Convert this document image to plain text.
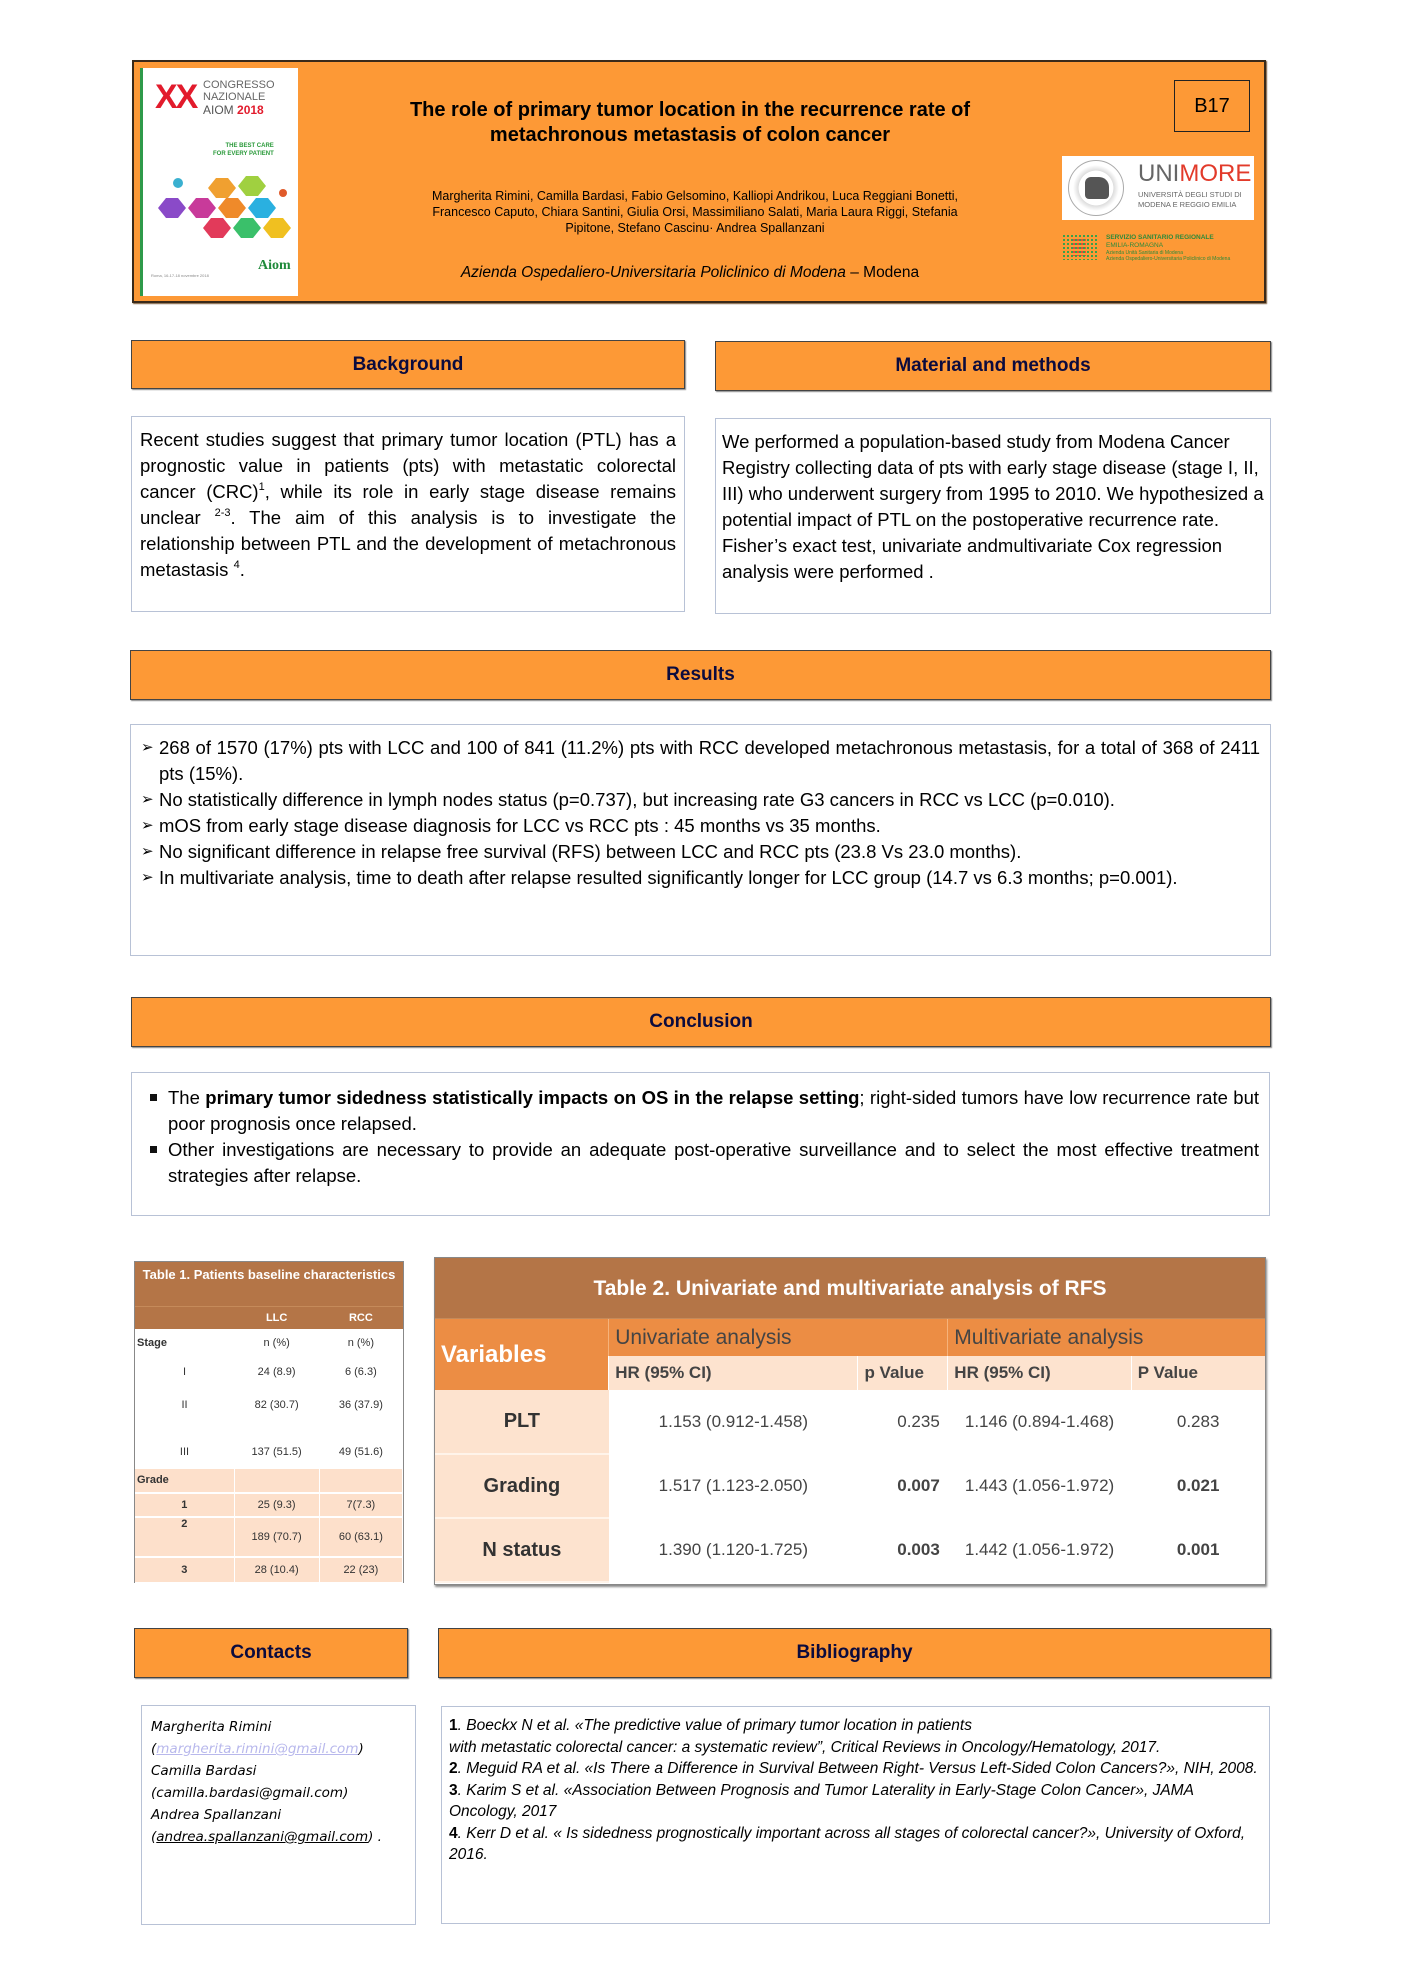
XX CONGRESSO
NAZIONALE
AIOM 2018
THE BEST CARE
FOR EVERY PATIENT
Aiom
Roma, 16-17-18 novembre 2018
The role of primary tumor location in the recurrence rate of
metachronous metastasis of colon cancer
Margherita Rimini, Camilla Bardasi, Fabio Gelsomino, Kalliopi Andrikou, Luca Reggiani Bonetti,
Francesco Caputo, Chiara Santini, Giulia Orsi, Massimiliano Salati, Maria Laura Riggi, Stefania
Pipitone, Stefano Cascinu· Andrea Spallanzani
Azienda Ospedaliero-Universitaria Policlinico di Modena – Modena
B17
UNIMORE
UNIVERSITÀ DEGLI STUDI DI
MODENA E REGGIO EMILIA
SERVIZIO SANITARIO REGIONALE
EMILIA-ROMAGNA
Azienda Unità Sanitaria di Modena
Azienda Ospedaliero-Universitaria Policlinico di Modena
Background
Recent studies suggest that primary tumor location (PTL) has a prognostic value in patients (pts) with metastatic colorectal cancer (CRC)$^1$, while its role in early stage disease remains unclear $^{2-3}$. The aim of this analysis is to investigate the relationship between PTL and the development of metachronous metastasis $^4$.
Material and methods
We performed a population-based study from Modena Cancer Registry collecting data of pts with early stage disease (stage I, II, III) who underwent surgery from 1995 to 2010. We hypothesized a potential impact of PTL on the postoperative recurrence rate. Fisher’s exact test, univariate andmultivariate Cox regression analysis were performed .
Results
➢ 268 of 1570 (17%) pts with LCC and 100 of 841 (11.2%) pts with RCC developed metachronous metastasis, for a total of 368 of 2411 pts (15%).
➢ No statistically difference in lymph nodes status (p=0.737), but increasing rate G3 cancers in RCC vs LCC (p=0.010).
➢ mOS from early stage disease diagnosis for LCC vs RCC pts : 45 months vs 35 months.
➢ No significant difference in relapse free survival (RFS) between LCC and RCC pts (23.8 Vs 23.0 months).
➢ In multivariate analysis, time to death after relapse resulted significantly longer for LCC group (14.7 vs 6.3 months; p=0.001).
Conclusion
The primary tumor sidedness statistically impacts on OS in the relapse setting; right-sided tumors have low recurrence rate but poor prognosis once relapsed.
Other investigations are necessary to provide an adequate post-operative surveillance and to select the most effective treatment strategies after relapse.
Table 1. Patients baseline characteristics
	LLC	RCC
Stage	n (%)	n (%)
I	24 (8.9)	6 (6.3)
II	82 (30.7)	36 (37.9)
III	137 (51.5)	49 (51.6)
Grade		
1	25 (9.3)	7(7.3)
2	189 (70.7)	60 (63.1)
3	28 (10.4)	22 (23)
Table 2. Univariate and multivariate analysis of RFS
Variables	Univariate analysis		Multivariate analysis	
	HR (95% CI)	p Value	HR (95% CI)	P Value
PLT	1.153 (0.912-1.458)	0.235	1.146 (0.894-1.468)	0.283
Grading	1.517 (1.123-2.050)	0.007	1.443 (1.056-1.972)	0.021
N status	1.390 (1.120-1.725)	0.003	1.442 (1.056-1.972)	0.001
Contacts
Margherita Rimini
(margherita.rimini@gmail.com)
Camilla Bardasi
(camilla.bardasi@gmail.com)
Andrea Spallanzani
(andrea.spallanzani@gmail.com) .
Bibliography
1. Boeckx N et al. «The predictive value of primary tumor location in patients
with metastatic colorectal cancer: a systematic review”, Critical Reviews in Oncology/Hematology, 2017.
2. Meguid RA et al. «Is There a Difference in Survival Between Right- Versus Left-Sided Colon Cancers?», NIH, 2008.
3. Karim S et al. «Association Between Prognosis and Tumor Laterality in Early-Stage Colon Cancer», JAMA Oncology, 2017
4. Kerr D et al. « Is sidedness prognostically important across all stages of colorectal cancer?», University of Oxford, 2016.
